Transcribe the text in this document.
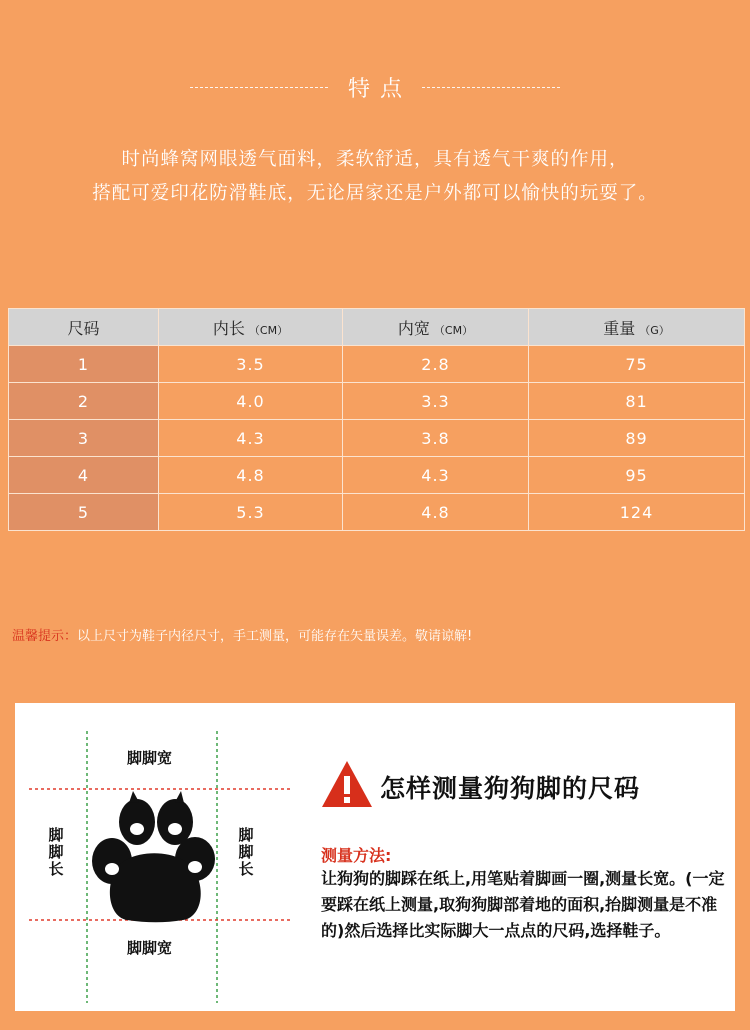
特点
时尚蜂窝网眼透气面料，柔软舒适，具有透气干爽的作用，
搭配可爱印花防滑鞋底，无论居家还是户外都可以愉快的玩耍了。
尺码	内长 （CM）	内宽 （CM）	重量 （G）
1	3.5	2.8	75
2	4.0	3.3	81
3	4.3	3.8	89
4	4.8	4.3	95
5	5.3	4.8	124
温馨提示：以上尺寸为鞋子内径尺寸，手工测量，可能存在矢量误差。敬请谅解!
脚脚宽
脚脚宽
脚脚长
脚脚长
怎样测量狗狗脚的尺码
测量方法:
让狗狗的脚踩在纸上,用笔贴着脚画一圈,测量长宽。(一定要踩在纸上测量,取狗狗脚部着地的面积,抬脚测量是不准的)然后选择比实际脚大一点点的尺码,选择鞋子。
